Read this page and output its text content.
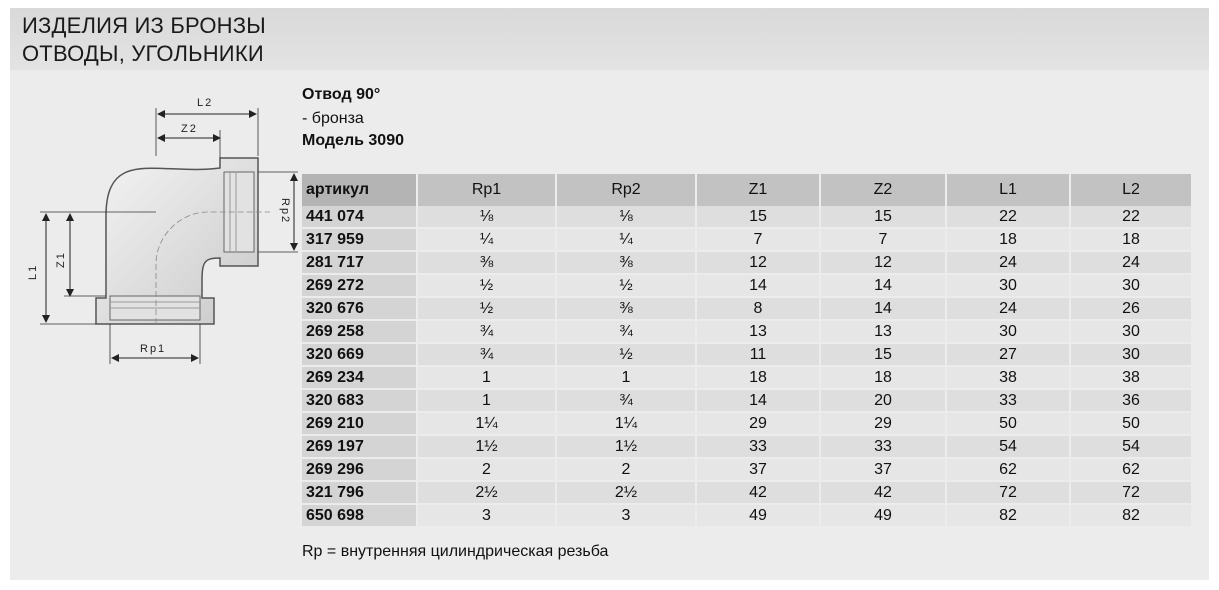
ИЗДЕЛИЯ ИЗ БРОНЗЫ
ОТВОДЫ, УГОЛЬНИКИ
L2
Z2
Rp2
L1
Z1
Rp1
Отвод 90°
- бронза
Модель 3090
артикул	Rp1	Rp2	Z1	Z2	L1	L2
441 074	⅛	⅛	15	15	22	22
317 959	¼	¼	7	7	18	18
281 717	⅜	⅜	12	12	24	24
269 272	½	½	14	14	30	30
320 676	½	⅜	8	14	24	26
269 258	¾	¾	13	13	30	30
320 669	¾	½	11	15	27	30
269 234	1	1	18	18	38	38
320 683	1	¾	14	20	33	36
269 210	1¼	1¼	29	29	50	50
269 197	1½	1½	33	33	54	54
269 296	2	2	37	37	62	62
321 796	2½	2½	42	42	72	72
650 698	3	3	49	49	82	82
Rp = внутренняя цилиндрическая резьба
